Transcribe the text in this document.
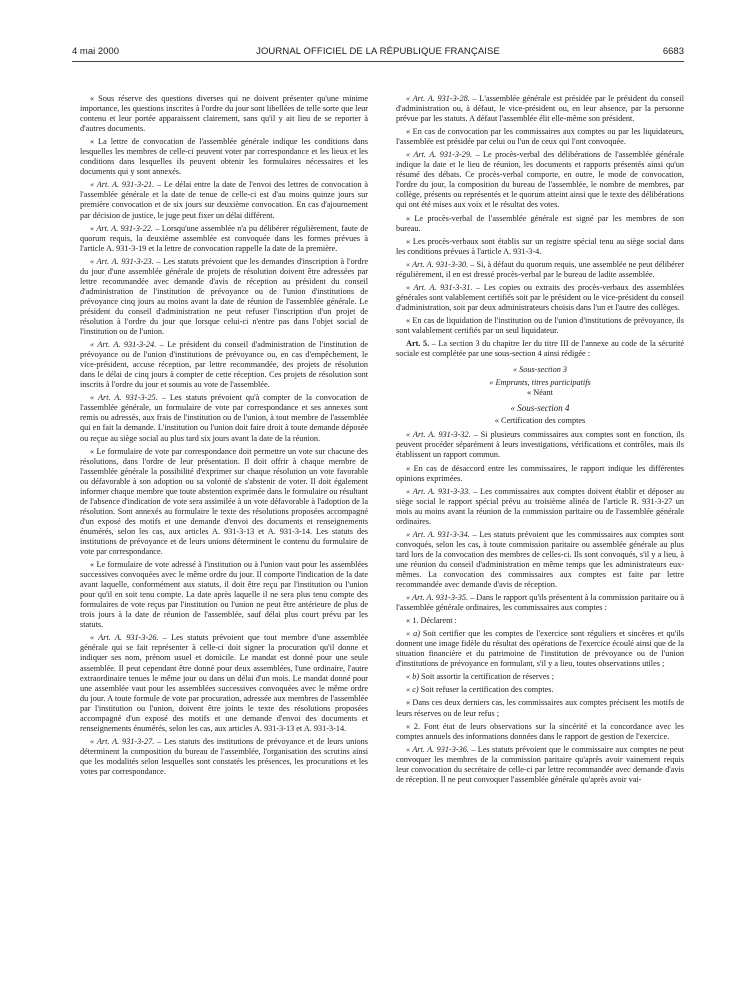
4 mai 2000	JOURNAL OFFICIEL DE LA RÉPUBLIQUE FRANÇAISE	6683

« Sous réserve des questions diverses qui ne doivent présenter qu'une minime importance, les questions inscrites à l'ordre du jour sont libellées de telle sorte que leur contenu et leur portée apparaissent clairement, sans qu'il y ait lieu de se reporter à d'autres documents.

« La lettre de convocation de l'assemblée générale indique les conditions dans lesquelles les membres de celle-ci peuvent voter par correspondance et les lieux et les conditions dans lesquelles ils peuvent obtenir les formulaires nécessaires et les documents qui y sont annexés.

« Art. A. 931-3-21. – Le délai entre la date de l'envoi des lettres de convocation à l'assemblée générale et la date de tenue de celle-ci est d'au moins quinze jours sur première convocation et de six jours sur deuxième convocation. En cas d'ajournement par décision de justice, le juge peut fixer un délai différent.

« Art. A. 931-3-22. – Lorsqu'une assemblée n'a pu délibérer régulièrement, faute de quorum requis, la deuxième assemblée est convoquée dans les formes prévues à l'article A. 931-3-19 et la lettre de convocation rappelle la date de la première.

« Art. A. 931-3-23. – Les statuts prévoient que les demandes d'inscription à l'ordre du jour d'une assemblée générale de projets de résolution doivent être adressées par lettre recommandée avec demande d'avis de réception au président du conseil d'administration de l'institution de prévoyance ou de l'union d'institutions de prévoyance cinq jours au moins avant la date de réunion de l'assemblée générale. Le président du conseil d'administration ne peut refuser l'inscription d'un projet de résolution à l'ordre du jour que lorsque celui-ci n'entre pas dans l'objet social de l'institution ou de l'union.

« Art. A. 931-3-24. – Le président du conseil d'administration de l'institution de prévoyance ou de l'union d'institutions de prévoyance ou, en cas d'empêchement, le vice-président, accuse réception, par lettre recommandée, des projets de résolution dans le délai de cinq jours à compter de cette réception. Ces projets de résolution sont inscrits à l'ordre du jour et soumis au vote de l'assemblée.

« Art. A. 931-3-25. – Les statuts prévoient qu'à compter de la convocation de l'assemblée générale, un formulaire de vote par correspondance et ses annexes sont remis ou adressés, aux frais de l'institution ou de l'union, à tout membre de l'assemblée qui en fait la demande. L'institution ou l'union doit faire droit à toute demande déposée ou reçue au siège social au plus tard six jours avant la date de la réunion.

« Le formulaire de vote par correspondance doit permettre un vote sur chacune des résolutions, dans l'ordre de leur présentation. Il doit offrir à chaque membre de l'assemblée générale la possibilité d'exprimer sur chaque résolution un vote favorable ou défavorable à son adoption ou sa volonté de s'abstenir de voter. Il doit également informer chaque membre que toute abstention exprimée dans le formulaire ou résultant de l'absence d'indication de vote sera assimilée à un vote défavorable à l'adoption de la résolution. Sont annexés au formulaire le texte des résolutions proposées accompagné d'un exposé des motifs et une demande d'envoi des documents et renseignements énumérés, selon les cas, aux articles A. 931-3-13 et A. 931-3-14. Les statuts des institutions de prévoyance et de leurs unions déterminent le contenu du formulaire de vote par correspondance.

« Le formulaire de vote adressé à l'institution ou à l'union vaut pour les assemblées successives convoquées avec le même ordre du jour. Il comporte l'indication de la date avant laquelle, conformément aux statuts, il doit être reçu par l'institution ou l'union pour qu'il en soit tenu compte. La date après laquelle il ne sera plus tenu compte des formulaires de vote reçus par l'institution ou l'union ne peut être antérieure de plus de trois jours à la date de réunion de l'assemblée, sauf délai plus court prévu par les statuts.

« Art. A. 931-3-26. – Les statuts prévoient que tout membre d'une assemblée générale qui se fait représenter à celle-ci doit signer la procuration qu'il donne et indiquer ses nom, prénom usuel et domicile. Le mandat est donné pour une seule assemblée. Il peut cependant être donné pour deux assemblées, l'une ordinaire, l'autre extraordinaire tenues le même jour ou dans un délai d'un mois. Le mandat donné pour une assemblée vaut pour les assemblées successives convoquées avec le même ordre du jour. A toute formule de vote par procuration, adressée aux membres de l'assemblée par l'institution ou l'union, doivent être joints le texte des résolutions proposées accompagné d'un exposé des motifs et une demande d'envoi des documents et renseignements énumérés, selon les cas, aux articles A. 931-3-13 et A. 931-3-14.

« Art. A. 931-3-27. – Les statuts des institutions de prévoyance et de leurs unions déterminent la composition du bureau de l'assemblée, l'organisation des scrutins ainsi que les modalités selon lesquelles sont constatés les présences, les procurations et les votes par correspondance.

« Art. A. 931-3-28. – L'assemblée générale est présidée par le président du conseil d'administration ou, à défaut, le vice-président ou, en leur absence, par la personne prévue par les statuts. A défaut l'assemblée élit elle-même son président.

« En cas de convocation par les commissaires aux comptes ou par les liquidateurs, l'assemblée est présidée par celui ou l'un de ceux qui l'ont convoquée.

« Art. A. 931-3-29. – Le procès-verbal des délibérations de l'assemblée générale indique la date et le lieu de réunion, les documents et rapports présentés ainsi qu'un résumé des débats. Ce procès-verbal comporte, en outre, le mode de convocation, l'ordre du jour, la composition du bureau de l'assemblée, le nombre de membres, par collège, présents ou représentés et le quorum atteint ainsi que le texte des délibérations qui ont été mises aux voix et le résultat des votes.

« Le procès-verbal de l'assemblée générale est signé par les membres de son bureau.

« Les procès-verbaux sont établis sur un registre spécial tenu au siège social dans les conditions prévues à l'article A. 931-3-4.

« Art. A. 931-3-30. – Si, à défaut du quorum requis, une assemblée ne peut délibérer régulièrement, il en est dressé procès-verbal par le bureau de ladite assemblée.

« Art. A. 931-3-31. – Les copies ou extraits des procès-verbaux des assemblées générales sont valablement certifiés soit par le président ou le vice-président du conseil d'administration, soit par deux administrateurs choisis dans l'un et l'autre des collèges.

« En cas de liquidation de l'institution ou de l'union d'institutions de prévoyance, ils sont valablement certifiés par un seul liquidateur.

Art. 5. – La section 3 du chapitre Ier du titre III de l'annexe au code de la sécurité sociale est complétée par une sous-section 4 ainsi rédigée :

« Sous-section 3

« Emprunts, titres participatifs

« Néant

« Sous-section 4

« Certification des comptes

« Art. A. 931-3-32. – Si plusieurs commissaires aux comptes sont en fonction, ils peuvent procéder séparément à leurs investigations, vérifications et contrôles, mais ils établissent un rapport commun.

« En cas de désaccord entre les commissaires, le rapport indique les différentes opinions exprimées.

« Art. A. 931-3-33. – Les commissaires aux comptes doivent établir et déposer au siège social le rapport spécial prévu au troisième alinéa de l'article R. 931-3-27 un mois au moins avant la réunion de la commission paritaire ou de l'assemblée générale ordinaires.

« Art. A. 931-3-34. – Les statuts prévoient que les commissaires aux comptes sont convoqués, selon les cas, à toute commission paritaire ou assemblée générale au plus tard lors de la convocation des membres de celles-ci. Ils sont convoqués, s'il y a lieu, à une réunion du conseil d'administration en même temps que les administrateurs eux-mêmes. La convocation des commissaires aux comptes est faite par lettre recommandée avec demande d'avis de réception.

« Art. A. 931-3-35. – Dans le rapport qu'ils présentent à la commission paritaire ou à l'assemblée générale ordinaires, les commissaires aux comptes :

« 1. Déclarent :

« a) Soit certifier que les comptes de l'exercice sont réguliers et sincères et qu'ils donnent une image fidèle du résultat des opérations de l'exercice écoulé ainsi que de la situation financière et du patrimoine de l'institution de prévoyance ou de l'union d'institutions de prévoyance en formulant, s'il y a lieu, toutes observations utiles ;

« b) Soit assortir la certification de réserves ;

« c) Soit refuser la certification des comptes.

« Dans ces deux derniers cas, les commissaires aux comptes précisent les motifs de leurs réserves ou de leur refus ;

« 2. Font état de leurs observations sur la sincérité et la concordance avec les comptes annuels des informations données dans le rapport de gestion de l'exercice.

« Art. A. 931-3-36. – Les statuts prévoient que le commissaire aux comptes ne peut convoquer les membres de la commission paritaire qu'après avoir vainement requis leur convocation du secrétaire de celle-ci par lettre recommandée avec demande d'avis de réception. Il ne peut convoquer l'assemblée générale qu'après avoir vai-
